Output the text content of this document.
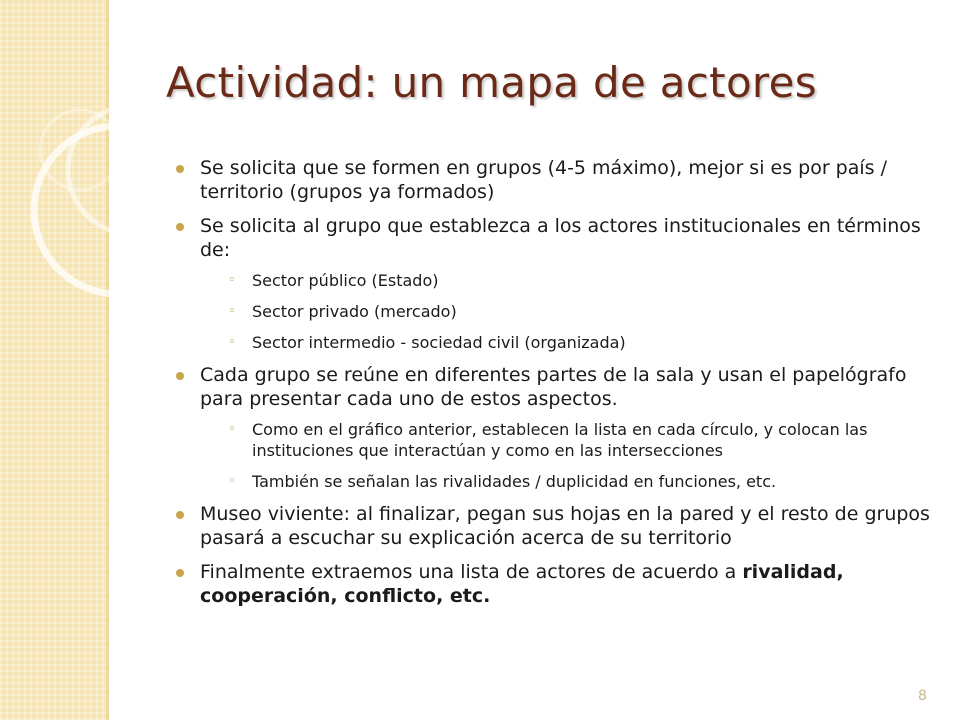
Actividad: un mapa de actores
Se solicita que se formen en grupos (4-5 máximo), mejor si es por país / territorio (grupos ya formados)
Se solicita al grupo que establezca a los actores institucionales en términos de:
◦ Sector público (Estado)
◦ Sector privado (mercado)
◦ Sector intermedio - sociedad civil (organizada)
Cada grupo se reúne en diferentes partes de la sala y usan el papelógrafo para presentar cada uno de estos aspectos.
◦ Como en el gráfico anterior, establecen la lista en cada círculo, y colocan las instituciones que interactúan y como en las intersecciones
◦ También se señalan las rivalidades / duplicidad en funciones, etc.
Museo viviente: al finalizar, pegan sus hojas en la pared y el resto de grupos pasará a escuchar su explicación acerca de su territorio
Finalmente extraemos una lista de actores de acuerdo a rivalidad, cooperación, conflicto, etc.
8
